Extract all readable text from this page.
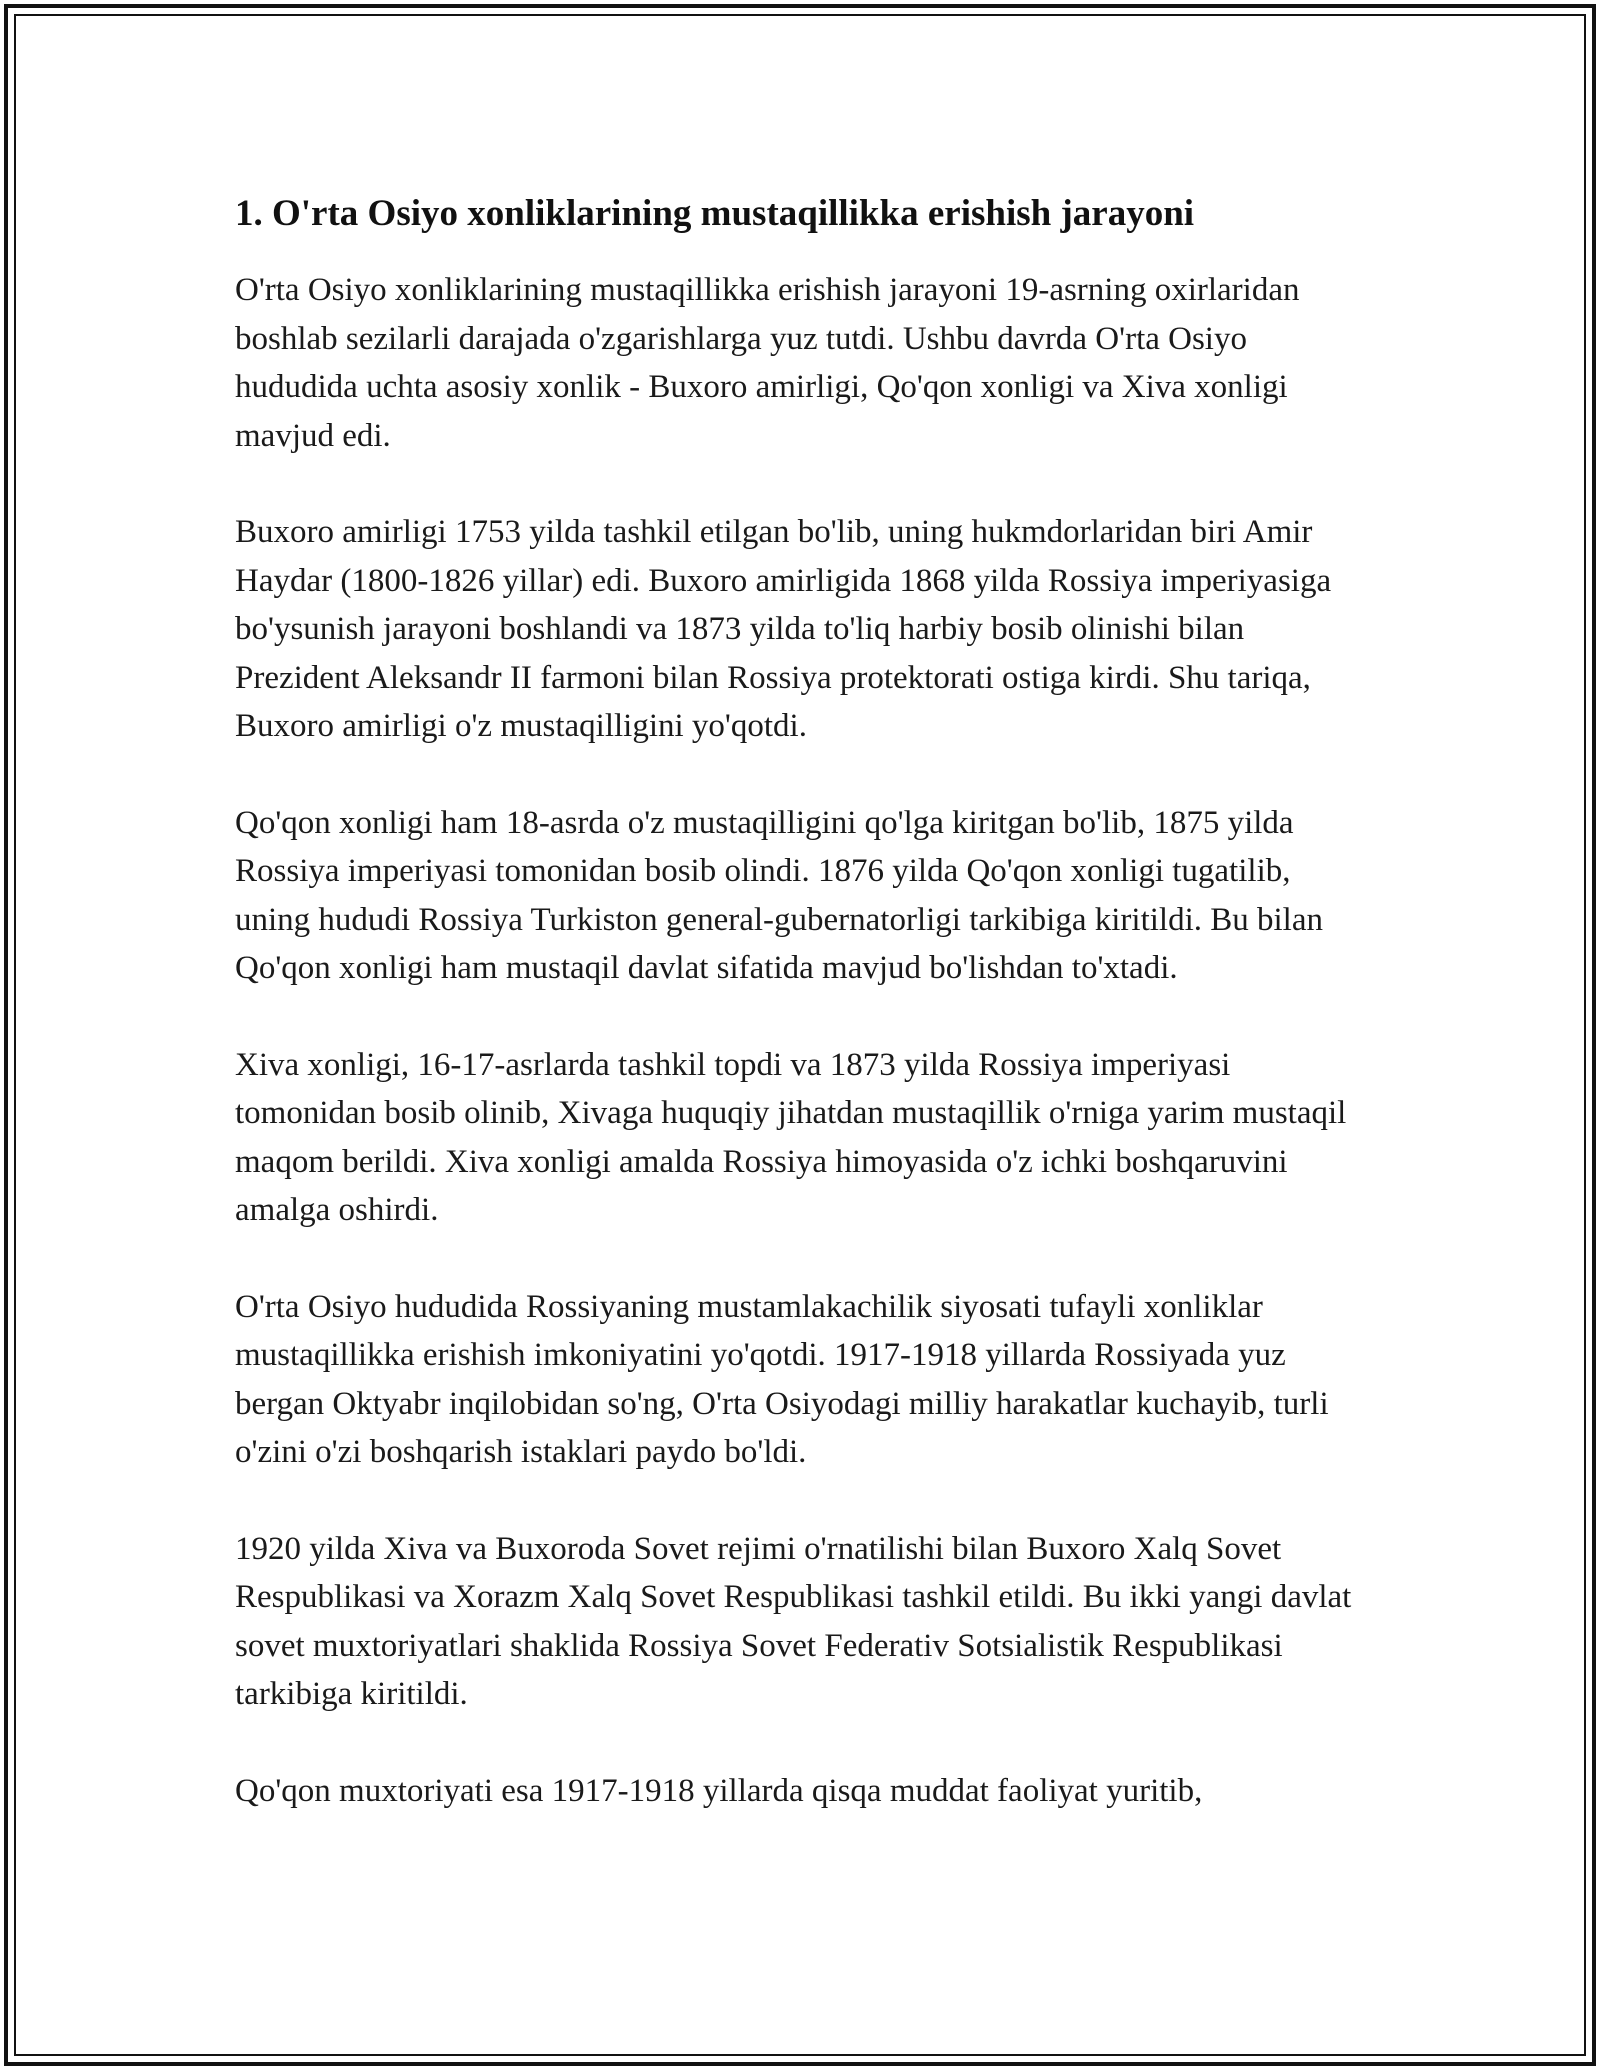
1. O'rta Osiyo xonliklarining mustaqillikka erishish jarayoni

O'rta Osiyo xonliklarining mustaqillikka erishish jarayoni 19-asrning oxirlaridan boshlab sezilarli darajada o'zgarishlarga yuz tutdi. Ushbu davrda O'rta Osiyo hududida uchta asosiy xonlik - Buxoro amirligi, Qo'qon xonligi va Xiva xonligi mavjud edi.

Buxoro amirligi 1753 yilda tashkil etilgan bo'lib, uning hukmdorlaridan biri Amir Haydar (1800-1826 yillar) edi. Buxoro amirligida 1868 yilda Rossiya imperiyasiga bo'ysunish jarayoni boshlandi va 1873 yilda to'liq harbiy bosib olinishi bilan Prezident Aleksandr II farmoni bilan Rossiya protektorati ostiga kirdi. Shu tariqa, Buxoro amirligi o'z mustaqilligini yo'qotdi.

Qo'qon xonligi ham 18-asrda o'z mustaqilligini qo'lga kiritgan bo'lib, 1875 yilda Rossiya imperiyasi tomonidan bosib olindi. 1876 yilda Qo'qon xonligi tugatilib, uning hududi Rossiya Turkiston general-gubernatorligi tarkibiga kiritildi. Bu bilan Qo'qon xonligi ham mustaqil davlat sifatida mavjud bo'lishdan to'xtadi.

Xiva xonligi, 16-17-asrlarda tashkil topdi va 1873 yilda Rossiya imperiyasi tomonidan bosib olinib, Xivaga huquqiy jihatdan mustaqillik o'rniga yarim mustaqil maqom berildi. Xiva xonligi amalda Rossiya himoyasida o'z ichki boshqaruvini amalga oshirdi.

O'rta Osiyo hududida Rossiyaning mustamlakachilik siyosati tufayli xonliklar mustaqillikka erishish imkoniyatini yo'qotdi. 1917-1918 yillarda Rossiyada yuz bergan Oktyabr inqilobidan so'ng, O'rta Osiyodagi milliy harakatlar kuchayib, turli o'zini o'zi boshqarish istaklari paydo bo'ldi.

1920 yilda Xiva va Buxoroda Sovet rejimi o'rnatilishi bilan Buxoro Xalq Sovet Respublikasi va Xorazm Xalq Sovet Respublikasi tashkil etildi. Bu ikki yangi davlat sovet muxtoriyatlari shaklida Rossiya Sovet Federativ Sotsialistik Respublikasi tarkibiga kiritildi.

Qo'qon muxtoriyati esa 1917-1918 yillarda qisqa muddat faoliyat yuritib,
